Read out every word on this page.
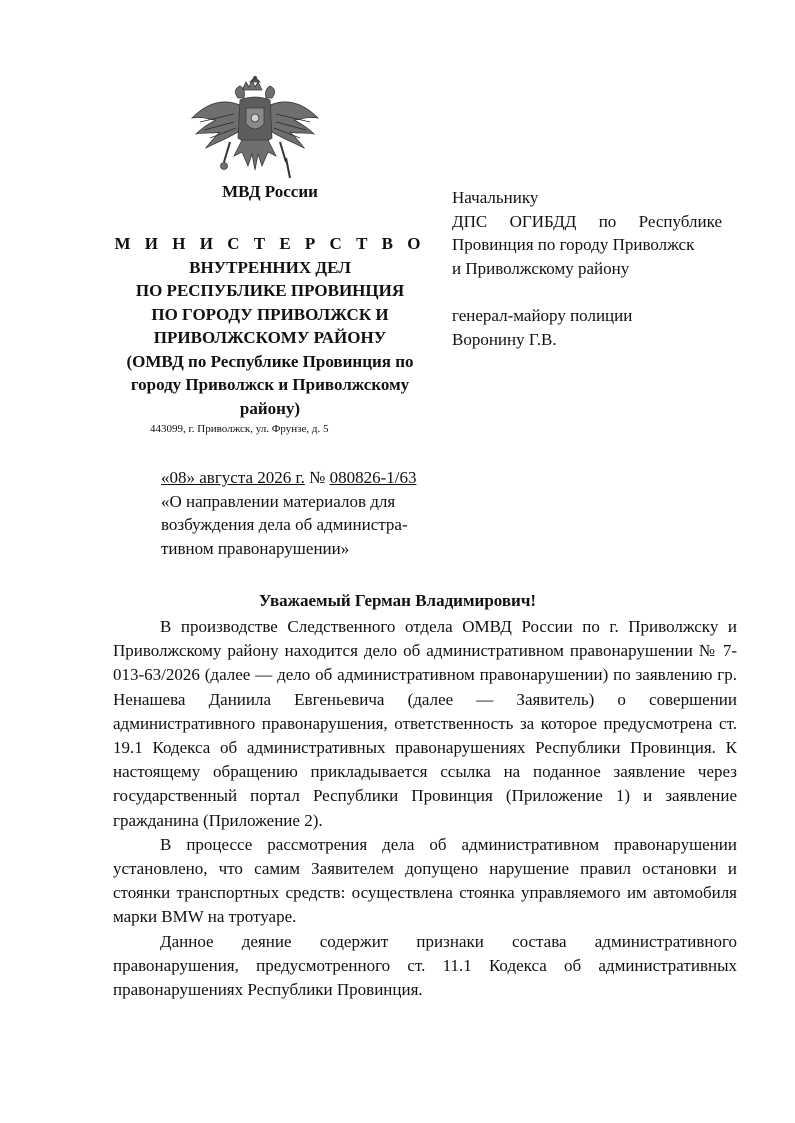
МВД России
М И Н И С Т Е Р С Т В О
ВНУТРЕННИХ ДЕЛ
ПО РЕСПУБЛИКЕ ПРОВИНЦИЯ
ПО ГОРОДУ ПРИВОЛЖСК И
ПРИВОЛЖСКОМУ РАЙОНУ
(ОМВД по Республике Провинция по
городу Приволжск и Приволжскому
району)
443099, г. Приволжск, ул. Фрунзе, д. 5
Начальнику
ДПС ОГИБДД по Республике
Провинция по городу Приволжск
и Приволжскому району
генерал-майору полиции
Воронину Г.В.
«08» августа 2026 г. № 080826-1/63
«О направлении материалов для
возбуждения дела об администра-
тивном правонарушении»
Уважаемый Герман Владимирович!

В производстве Следственного отдела ОМВД России по г. Приволжску и Приволжскому району находится дело об административном правонарушении № 7-013-63/2026 (далее — дело об административном правонарушении) по заявлению гр. Ненашева Даниила Евгеньевича (далее — Заявитель) о совершении административного правонарушения, ответственность за которое предусмотрена ст. 19.1 Кодекса об административных правонарушениях Республики Провинция. К настоящему обращению прикладывается ссылка на поданное заявление через государственный портал Республики Провинция (Приложение 1) и заявление гражданина (Приложение 2).

В процессе рассмотрения дела об административном правонарушении установлено, что самим Заявителем допущено нарушение правил остановки и стоянки транспортных средств: осуществлена стоянка управляемого им автомобиля марки BMW на тротуаре.

Данное деяние содержит признаки состава административного правонарушения, предусмотренного ст. 11.1 Кодекса об административных правонарушениях Республики Провинция.
